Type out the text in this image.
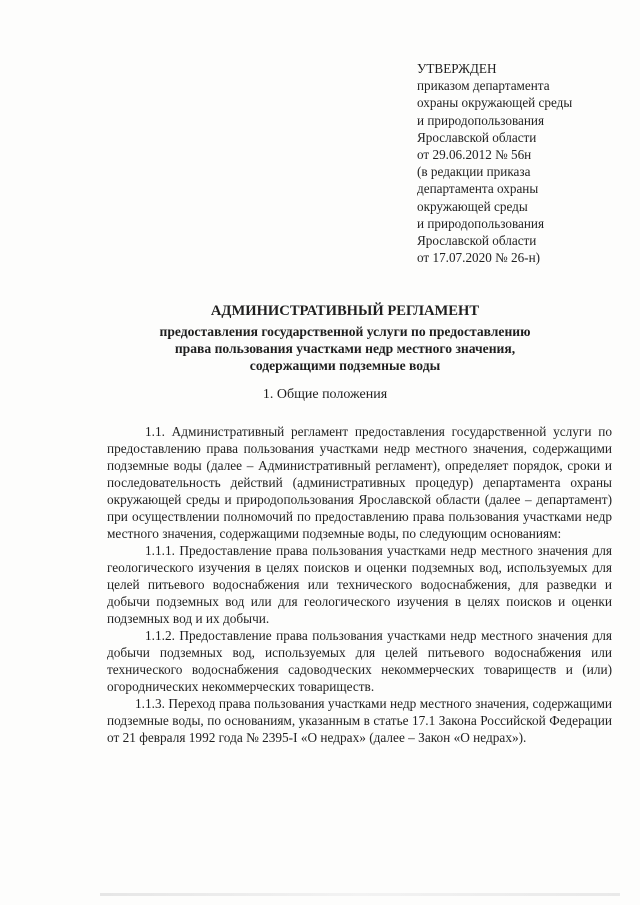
УТВЕРЖДЕН
приказом департамента
охраны окружающей среды
и природопользования
Ярославской области
от 29.06.2012 № 56н
(в редакции приказа
департамента охраны
окружающей среды
и природопользования
Ярославской области
от 17.07.2020 № 26-н)
АДМИНИСТРАТИВНЫЙ РЕГЛАМЕНТ
предоставления государственной услуги по предоставлению
права пользования участками недр местного значения,
содержащими подземные воды
1. Общие положения

1.1. Административный регламент предоставления государственной услуги по предоставлению права пользования участками недр местного значения, содержащими подземные воды (далее – Административный регламент), определяет порядок, сроки и последовательность действий (административных процедур) департамента охраны окружающей среды и природопользования Ярославской области (далее – департамент) при осуществлении полномочий по предоставлению права пользования участками недр местного значения, содержащими подземные воды, по следующим основаниям:

1.1.1. Предоставление права пользования участками недр местного значения для геологического изучения в целях поисков и оценки подземных вод, используемых для целей питьевого водоснабжения или технического водоснабжения, для разведки и добычи подземных вод или для геологического изучения в целях поисков и оценки подземных вод и их добычи.

1.1.2. Предоставление права пользования участками недр местного значения для добычи подземных вод, используемых для целей питьевого водоснабжения или технического водоснабжения садоводческих некоммерческих товариществ и (или) огороднических некоммерческих товариществ.

1.1.3. Переход права пользования участками недр местного значения, содержащими подземные воды, по основаниям, указанным в статье 17.1 Закона Российской Федерации от 21 февраля 1992 года № 2395-I «О недрах» (далее – Закон «О недрах»).
